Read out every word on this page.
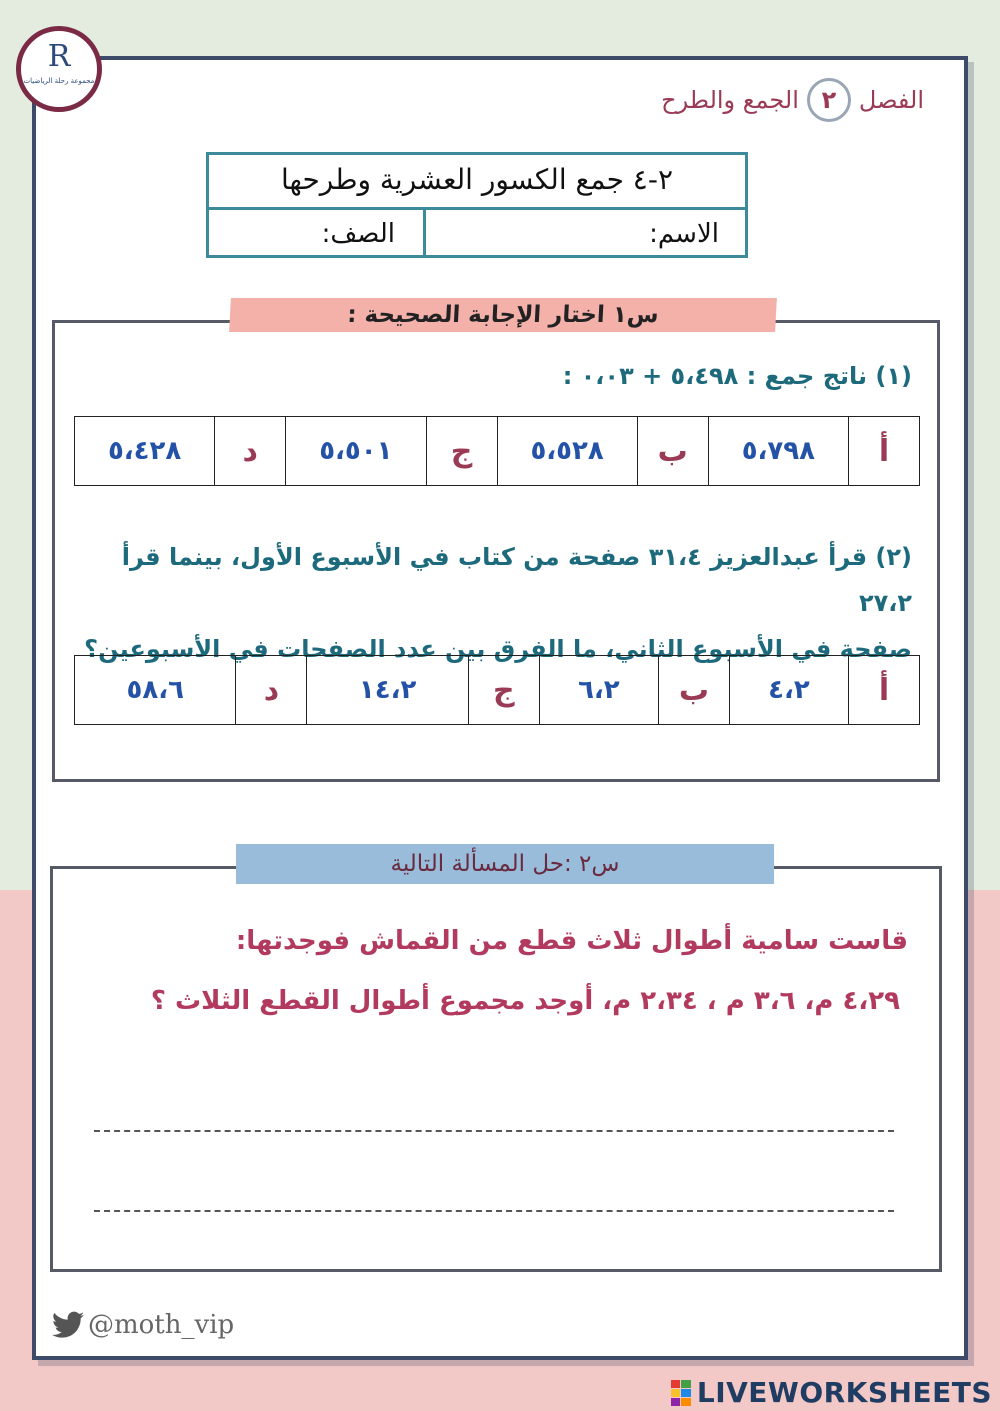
R
مجموعة رحلة الرياضيات
الفصل
٢
الجمع والطرح
٢-٤ جمع الكسور العشرية وطرحها
الاسم:
الصف:
س١ اختار الإجابة الصحيحة :
(١) ناتج جمع : ٥،٤٩٨ + ٠،٠٣ :
أ	٥،٧٩٨	ب	٥،٥٢٨	ج	٥،٥٠١	د	٥،٤٢٨
(٢) قرأ عبدالعزيز ٣١،٤ صفحة من كتاب في الأسبوع الأول، بينما قرأ ٢٧،٢
صفحة في الأسبوع الثاني، ما الفرق بين عدد الصفحات في الأسبوعين؟
أ	٤،٢	ب	٦،٢	ج	١٤،٢	د	٥٨،٦
س٢ :حل المسألة التالية
قاست سامية أطوال ثلاث قطع من القماش فوجدتها:
٤،٢٩ م، ٣،٦ م ، ٢،٣٤ م، أوجد مجموع أطوال القطع الثلاث ؟
@moth_vip
LIVEWORKSHEETS
